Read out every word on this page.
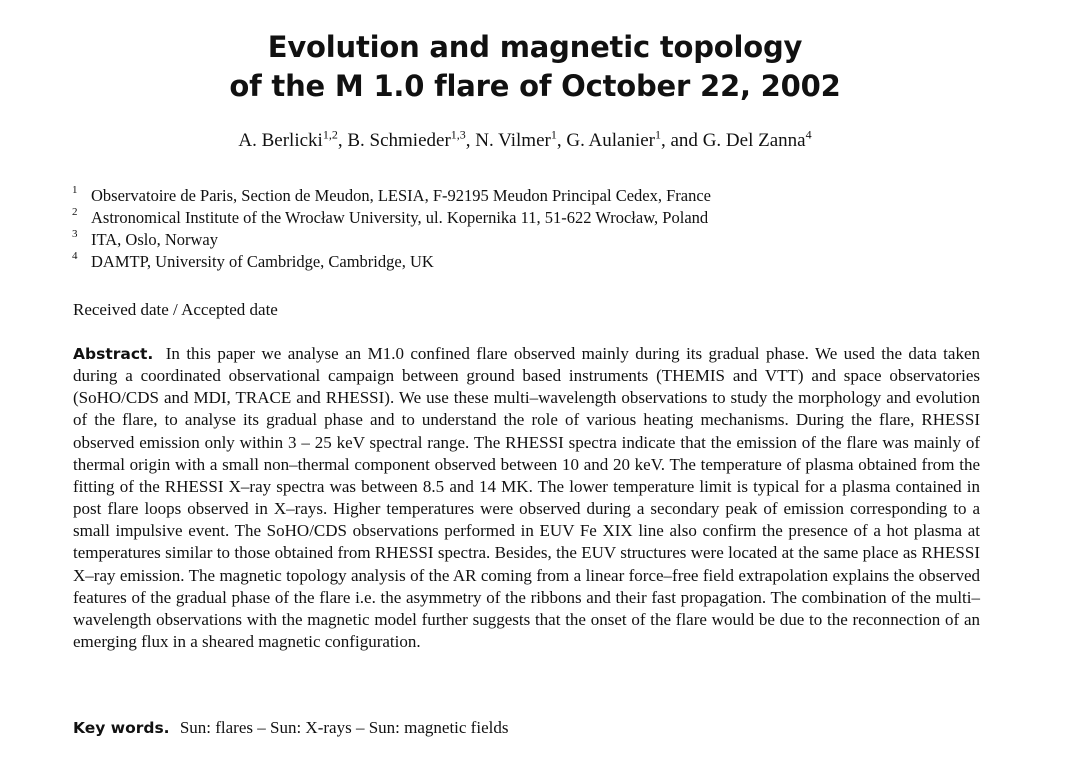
Evolution and magnetic topology
of the M 1.0 flare of October 22, 2002
A. Berlicki$^{1,2}$, B. Schmieder$^{1,3}$, N. Vilmer$^1$, G. Aulanier$^1$, and G. Del Zanna$^4$
1 Observatoire de Paris, Section de Meudon, LESIA, F-92195 Meudon Principal Cedex, France
2 Astronomical Institute of the Wrocław University, ul. Kopernika 11, 51-622 Wrocław, Poland
3 ITA, Oslo, Norway
4 DAMTP, University of Cambridge, Cambridge, UK
Received date / Accepted date
Abstract. In this paper we analyse an M1.0 confined flare observed mainly during its gradual phase. We used the data taken during a coordinated observational campaign between ground based instruments (THEMIS and VTT) and space observatories (SoHO/CDS and MDI, TRACE and RHESSI). We use these multi–wavelength observations to study the morphology and evolution of the flare, to analyse its gradual phase and to understand the role of various heating mechanisms. During the flare, RHESSI observed emission only within 3 – 25 keV spectral range. The RHESSI spectra indicate that the emission of the flare was mainly of thermal origin with a small non–thermal component observed between 10 and 20 keV. The temperature of plasma obtained from the fitting of the RHESSI X–ray spectra was between 8.5 and 14 MK. The lower temperature limit is typical for a plasma contained in post flare loops observed in X–rays. Higher temperatures were observed during a secondary peak of emission corresponding to a small impulsive event. The SoHO/CDS observations performed in EUV Fe XIX line also confirm the presence of a hot plasma at temperatures similar to those obtained from RHESSI spectra. Besides, the EUV structures were located at the same place as RHESSI X–ray emission. The magnetic topology analysis of the AR coming from a linear force–free field extrapolation explains the observed features of the gradual phase of the flare i.e. the asymmetry of the ribbons and their fast propagation. The combination of the multi–wavelength observations with the magnetic model further suggests that the onset of the flare would be due to the reconnection of an emerging flux in a sheared magnetic configuration.
Key words. Sun: flares – Sun: X-rays – Sun: magnetic fields
